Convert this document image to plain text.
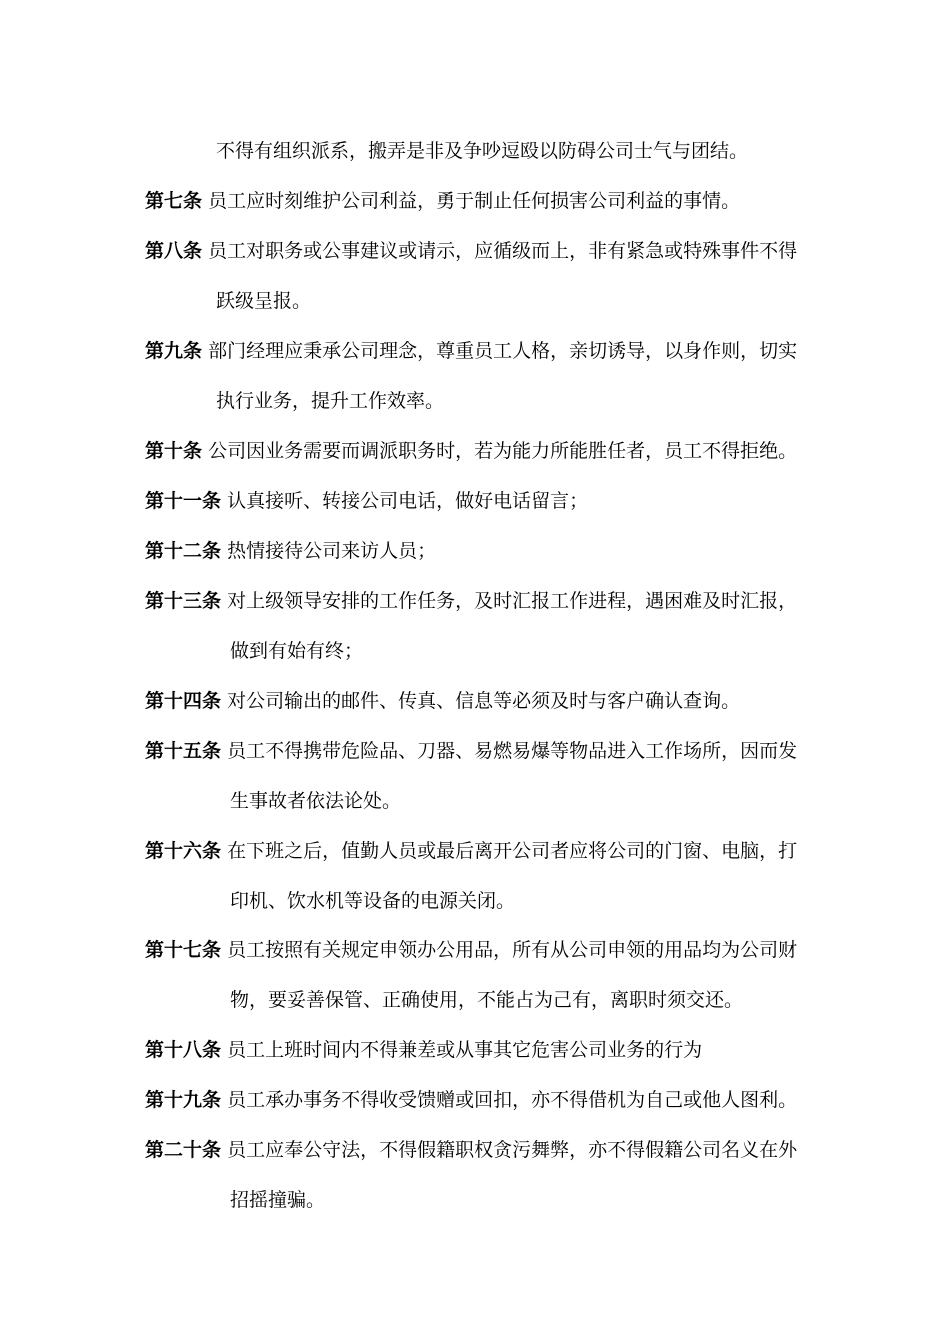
不得有组织派系，搬弄是非及争吵逗殴以防碍公司士气与团结。
第七条 员工应时刻维护公司利益，勇于制止任何损害公司利益的事情。
第八条 员工对职务或公事建议或请示，应循级而上，非有紧急或特殊事件不得
跃级呈报。
第九条 部门经理应秉承公司理念，尊重员工人格，亲切诱导，以身作则，切实
执行业务，提升工作效率。
第十条 公司因业务需要而调派职务时，若为能力所能胜任者，员工不得拒绝。
第十一条 认真接听、转接公司电话，做好电话留言；
第十二条 热情接待公司来访人员；
第十三条 对上级领导安排的工作任务，及时汇报工作进程，遇困难及时汇报，
做到有始有终；
第十四条 对公司输出的邮件、传真、信息等必须及时与客户确认查询。
第十五条 员工不得携带危险品、刀器、易燃易爆等物品进入工作场所，因而发
生事故者依法论处。
第十六条 在下班之后，值勤人员或最后离开公司者应将公司的门窗、电脑，打
印机、饮水机等设备的电源关闭。
第十七条 员工按照有关规定申领办公用品，所有从公司申领的用品均为公司财
物，要妥善保管、正确使用，不能占为己有，离职时须交还。
第十八条 员工上班时间内不得兼差或从事其它危害公司业务的行为
第十九条 员工承办事务不得收受馈赠或回扣，亦不得借机为自己或他人图利。
第二十条 员工应奉公守法，不得假籍职权贪污舞弊，亦不得假籍公司名义在外
招摇撞骗。
